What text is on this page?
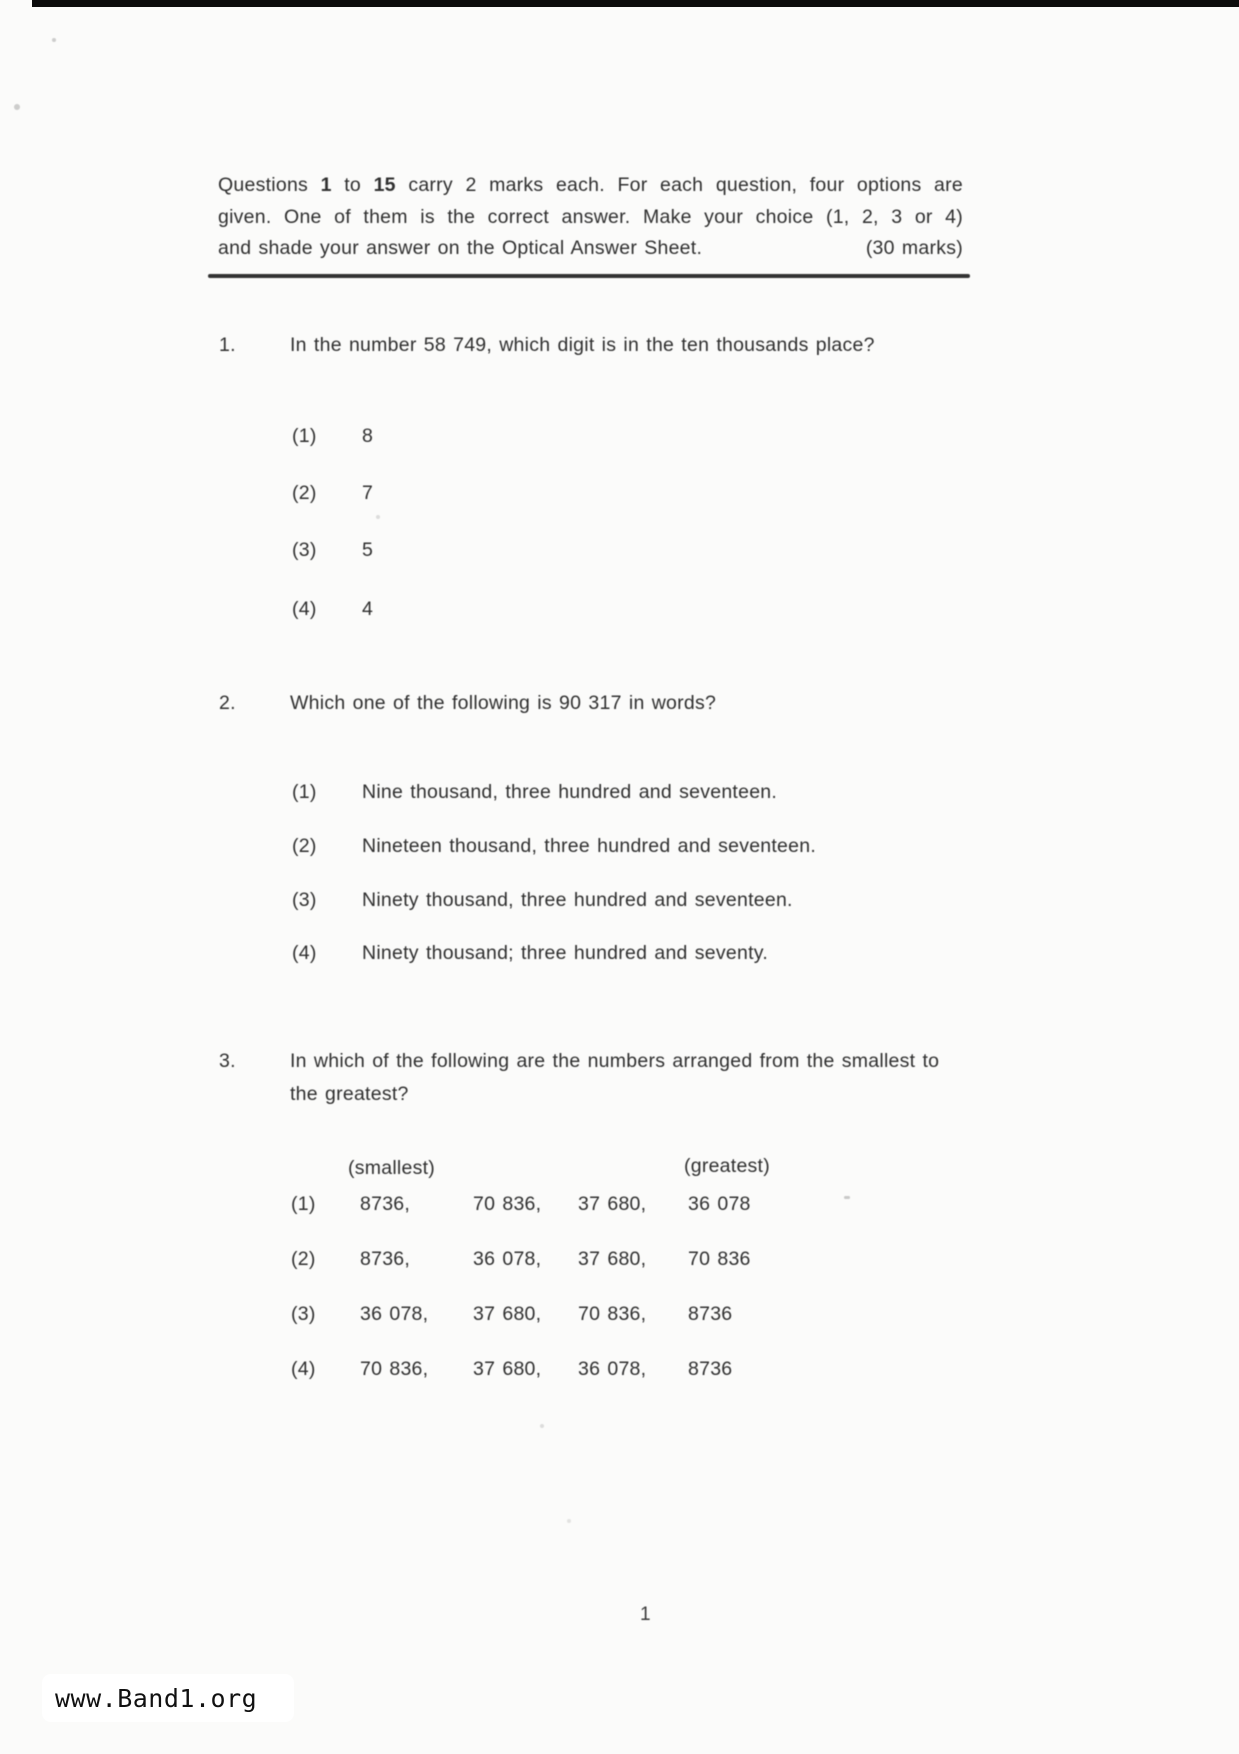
Questions 1 to 15 carry 2 marks each. For each question, four options are
given. One of them is the correct answer. Make your choice (1, 2, 3 or 4)
and shade your answer on the Optical Answer Sheet.	(30 marks)
1.	In the number 58 749, which digit is in the ten thousands place?
(1) 8
(2) 7
(3) 5
(4) 4
2.	Which one of the following is 90 317 in words?
(1) Nine thousand, three hundred and seventeen.
(2) Nineteen thousand, three hundred and seventeen.
(3) Ninety thousand, three hundred and seventeen.
(4) Ninety thousand; three hundred and seventy.
3.	In which of the following are the numbers arranged from the smallest to
the greatest?
(smallest)	(greatest)
(1) 8736,	70 836, 37 680, 36 078
(2) 8736,	36 078, 37 680, 70 836
(3) 36 078, 37 680, 70 836, 8736
(4) 70 836, 37 680, 36 078, 8736
1
www.Band1.org
